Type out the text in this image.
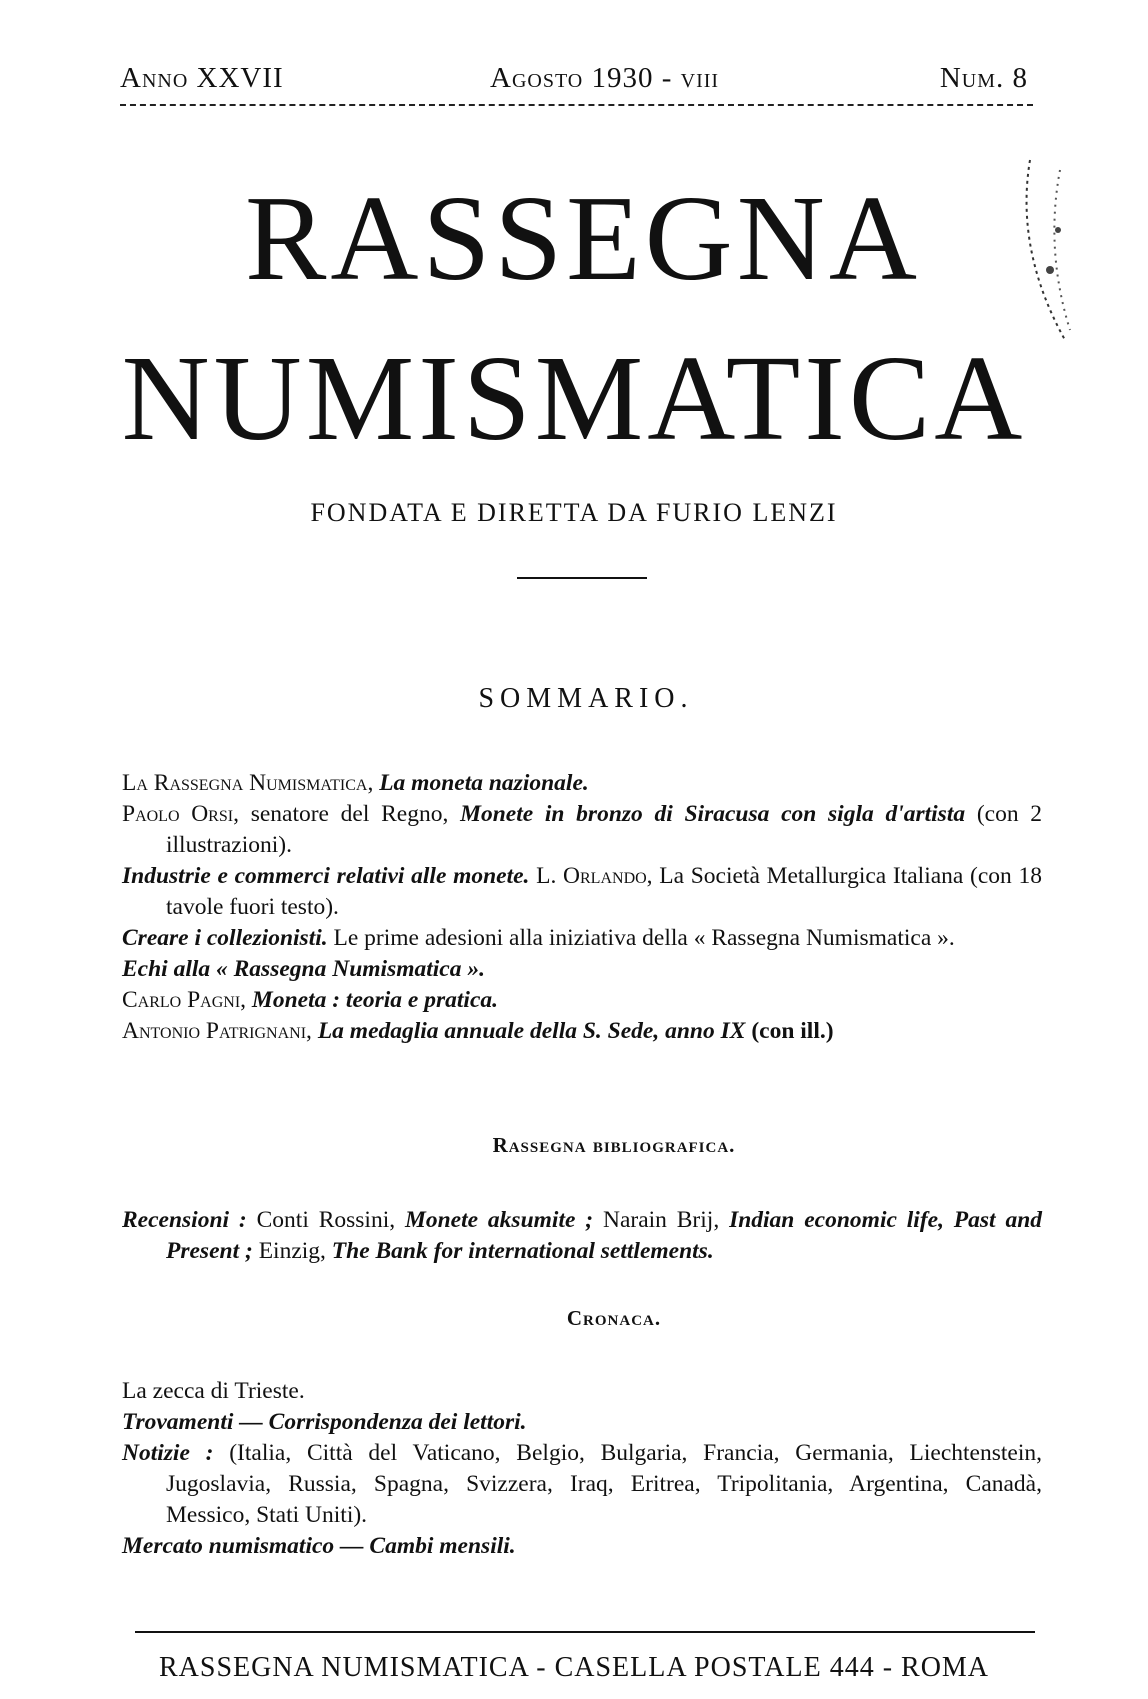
Anno XXVII	Agosto 1930 - viii	Num. 8
RASSEGNA
NUMISMATICA
FONDATA E DIRETTA DA FURIO LENZI
SOMMARIO.

La Rassegna Numismatica, La moneta nazionale.

Paolo Orsi, senatore del Regno, Monete in bronzo di Siracusa con sigla d'artista (con 2 illustrazioni).

Industrie e commerci relativi alle monete. L. Orlando, La Società Metallurgica Italiana (con 18 tavole fuori testo).

Creare i collezionisti. Le prime adesioni alla iniziativa della « Rassegna Numismatica ».

Echi alla « Rassegna Numismatica ».

Carlo Pagni, Moneta : teoria e pratica.

Antonio Patrignani, La medaglia annuale della S. Sede, anno IX (con ill.)

Rassegna bibliografica.

Recensioni : Conti Rossini, Monete aksumite ; Narain Brij, Indian economic life, Past and Present ; Einzig, The Bank for international settlements.

Cronaca.

La zecca di Trieste.

Trovamenti — Corrispondenza dei lettori.

Notizie : (Italia, Città del Vaticano, Belgio, Bulgaria, Francia, Germania, Liechtenstein, Jugoslavia, Russia, Spagna, Svizzera, Iraq, Eritrea, Tripolitania, Argentina, Canadà, Messico, Stati Uniti).

Mercato numismatico — Cambi mensili.

RASSEGNA NUMISMATICA - CASELLA POSTALE 444 - ROMA
